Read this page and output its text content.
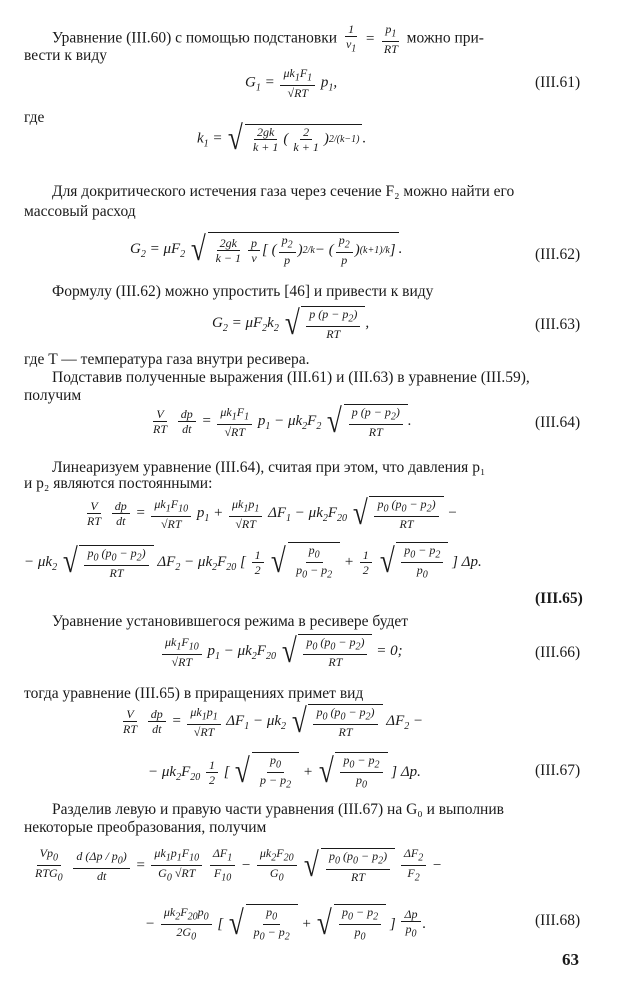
Уравнение (III.60) с помощью подстановки $\frac{1}{v_1} = \frac{p_1}{RT}$ можно при-
вести к виду
$G_1 = \frac{\mu k_1F_1}{√RT} p_1$,	(III.61)
где
$k_1$ = √ $\frac{2gk}{k + 1}$ ( $\frac{2}{k + 1}$ ) 2/(k−1) .
Для докритического истечения газа через сечение F₂ можно найти его
массовый расход
$G_2 = \mu F_2$ √ $\frac{2gk}{k - 1} \frac{p}{v}$ [ ( $\frac{p_2}{p}$ ) 2/k − ( $\frac{p_2}{p}$ ) (k+1)/k ] .	(III.62)
Формулу (III.62) можно упростить [46] и привести к виду
$G_2 = \mu F_2k_2$ √ $\frac{p (p - p_2)}{RT}$ ,	(III.63)
где T — температура газа внутри ресивера.
Подставив полученные выражения (III.61) и (III.63) в уравнение (III.59),
получим
$\frac{V}{RT}$
$\frac{dp}{dt} = \frac{\mu k_1F_1}{√RT} p_1 - \mu k_2F_2$ √ $\frac{p (p - p_2)}{RT}$ .	(III.64)
Линеаризуем уравнение (III.64), считая при этом, что давления p₁
и p₂ являются постоянными:
$\frac{V}{RT}$
$\frac{dp}{dt} = \frac{\mu k_1F_{10}}{√RT} p_1 + \frac{\mu k_1p_1}{√RT} \Delta F_1 - \mu k_2F_{20}$ √ $\frac{p_0 (p_0 - p_2)}{RT}$ −
− $\mu k_2$ √ $\frac{p_0 (p_0 - p_2)}{RT} \Delta F_2 - \mu k_2F_{20}$ [ $\frac{1}{2}$
√ $\frac{p_0}{p_0 - p_2} + \frac{1}{2}$
√ $\frac{p_0 - p_2}{p_0}$ ] Δp.
(III.65)
Уравнение установившегося режима в ресивере будет
$\frac{\mu k_1F_{10}}{√RT} p_1 - \mu k_2F_{20}$ √ $\frac{p_0 (p_0 - p_2)}{RT} = 0$;	(III.66)
тогда уравнение (III.65) в приращениях примет вид
$\frac{V}{RT}$
$\frac{dp}{dt} = \frac{\mu k_1p_1}{√RT} \Delta F_1 - \mu k_2$ √ $\frac{p_0 (p_0 - p_2)}{RT} \Delta F_2$ −
− $\mu k_2F_{20} \frac{1}{2}$ [ √ $\frac{p_0}{p - p_2}$ + √ $\frac{p_0 - p_2}{p_0}$ ] Δp.	(III.67)
Разделив левую и правую части уравнения (III.67) на G₀ и выполнив
некоторые преобразования, получим
$\frac{Vp_0}{RTG_0}$
$\frac{d (\Delta p / p_0)}{dt} = \frac{\mu k_1p_1F_{10}}{G_0 √RT}$
$\frac{\Delta F_1}{F_{10}} - \frac{\mu k_2F_{20}}{G_0}$
√ $\frac{p_0 (p_0 - p_2)}{RT}$
$\frac{\Delta F_2}{F_2}$ −
− $\frac{\mu k_2F_{20}p_0}{2G_0}$ [ √ $\frac{p_0}{p_0 - p_2}$ + √ $\frac{p_0 - p_2}{p_0}$ ] $\frac{\Delta p}{p_0}$ .	(III.68)
63
